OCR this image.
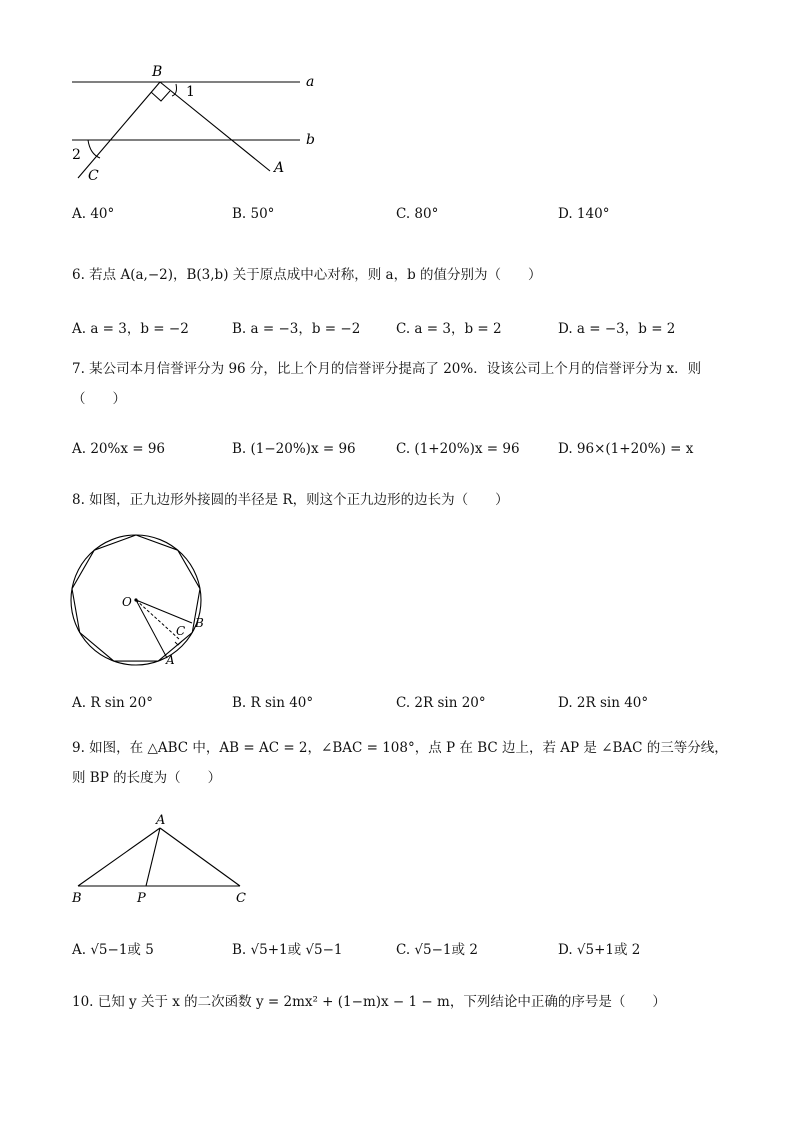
B
a
b
1
2
C	A
A. 40°	B. 50°	C. 80°	D. 140°
6. 若点 A(a,−2)，B(3,b) 关于原点成中心对称，则 a，b 的值分别为（　　）
A. a = 3，b = −2	B. a = −3，b = −2	C. a = 3，b = 2	D. a = −3，b = 2
7. 某公司本月信誉评分为 96 分，比上个月的信誉评分提高了 20%．设该公司上个月的信誉评分为 x．则
（　　）
A. 20%x = 96	B. (1−20%)x = 96	C. (1+20%)x = 96	D. 96×(1+20%) = x
8. 如图，正九边形外接圆的半径是 R，则这个正九边形的边长为（　　）
O
C
B
A
A. R sin 20°	B. R sin 40°	C. 2R sin 20°	D. 2R sin 40°
9. 如图，在 △ABC 中，AB = AC = 2，∠BAC = 108°，点 P 在 BC 边上，若 AP 是 ∠BAC 的三等分线，
则 BP 的长度为（　　）
A
B	P	C
A. √5−1或 5	B. √5+1或 √5−1	C. √5−1或 2	D. √5+1或 2
10. 已知 y 关于 x 的二次函数 y = 2mx² + (1−m)x − 1 − m，下列结论中正确的序号是（　　）
